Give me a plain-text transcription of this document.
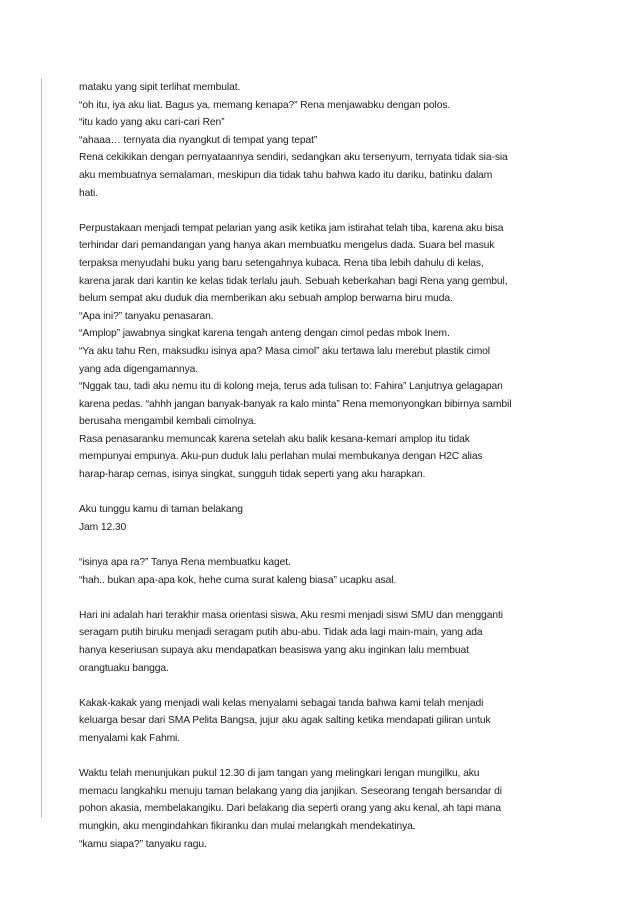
mataku yang sipit terlihat membulat.

“oh itu, iya aku liat. Bagus ya, memang kenapa?” Rena menjawabku dengan polos.

“itu kado yang aku cari-cari Ren”

“ahaaa… ternyata dia nyangkut di tempat yang tepat”

Rena cekikikan dengan pernyataannya sendiri, sedangkan aku tersenyum, ternyata tidak sia-sia

aku membuatnya semalaman, meskipun dia tidak tahu bahwa kado itu dariku, batinku dalam

hati.

Perpustakaan menjadi tempat pelarian yang asik ketika jam istirahat telah tiba, karena aku bisa

terhindar dari pemandangan yang hanya akan membuatku mengelus dada. Suara bel masuk

terpaksa menyudahi buku yang baru setengahnya kubaca. Rena tiba lebih dahulu di kelas,

karena jarak dari kantin ke kelas tidak terlalu jauh. Sebuah keberkahan bagi Rena yang gembul,

belum sempat aku duduk dia memberikan aku sebuah amplop berwarna biru muda.

“Apa ini?” tanyaku penasaran.

“Amplop” jawabnya singkat karena tengah anteng dengan cimol pedas mbok Inem.

“Ya aku tahu Ren, maksudku isinya apa? Masa cimol” aku tertawa lalu merebut plastik cimol

yang ada digengamannya.

“Nggak tau, tadi aku nemu itu di kolong meja, terus ada tulisan to: Fahira” Lanjutnya gelagapan

karena pedas. “ahhh jangan banyak-banyak ra kalo minta” Rena memonyongkan bibirnya sambil

berusaha mengambil kembali cimolnya.

Rasa penasaranku memuncak karena setelah aku balik kesana-kemari amplop itu tidak

mempunyai empunya. Aku-pun duduk lalu perlahan mulai membukanya dengan H2C alias

harap-harap cemas, isinya singkat, sungguh tidak seperti yang aku harapkan.

Aku tunggu kamu di taman belakang

Jam 12.30

“isinya apa ra?” Tanya Rena membuatku kaget.

“hah.. bukan apa-apa kok, hehe cuma surat kaleng biasa” ucapku asal.

Hari ini adalah hari terakhir masa orientasi siswa, Aku resmi menjadi siswi SMU dan mengganti

seragam putih biruku menjadi seragam putih abu-abu. Tidak ada lagi main-main, yang ada

hanya keseriusan supaya aku mendapatkan beasiswa yang aku inginkan lalu membuat

orangtuaku bangga.

Kakak-kakak yang menjadi wali kelas menyalami sebagai tanda bahwa kami telah menjadi

keluarga besar dari SMA Pelita Bangsa, jujur aku agak salting ketika mendapati giliran untuk

menyalami kak Fahmi.

Waktu telah menunjukan pukul 12.30 di jam tangan yang melingkari lengan mungilku, aku

memacu langkahku menuju taman belakang yang dia janjikan. Seseorang tengah bersandar di

pohon akasia, membelakangiku. Dari belakang dia seperti orang yang aku kenal, ah tapi mana

mungkin, aku mengindahkan fikiranku dan mulai melangkah mendekatinya.

“kamu siapa?” tanyaku ragu.
